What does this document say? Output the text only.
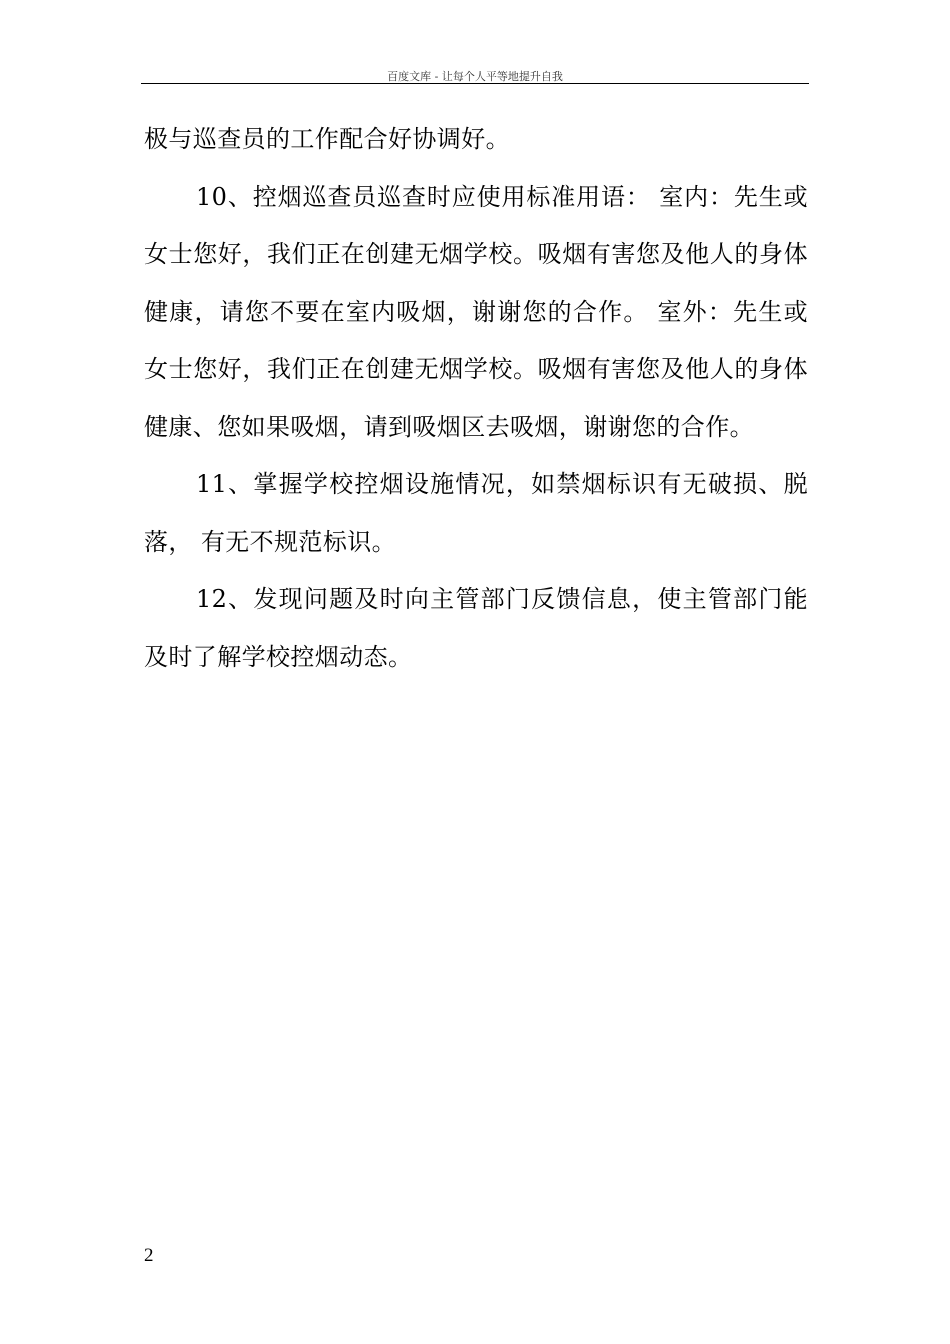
百度文库 - 让每个人平等地提升自我

极与巡查员的工作配合好协调好。

10、控烟巡查员巡查时应使用标准用语： 室内：先生或女士您好，我们正在创建无烟学校。吸烟有害您及他人的身体健康，请您不要在室内吸烟，谢谢您的合作。 室外：先生或女士您好，我们正在创建无烟学校。吸烟有害您及他人的身体健康、您如果吸烟，请到吸烟区去吸烟，谢谢您的合作。

11、掌握学校控烟设施情况，如禁烟标识有无破损、脱落， 有无不规范标识。

12、发现问题及时向主管部门反馈信息，使主管部门能及时了解学校控烟动态。

2
